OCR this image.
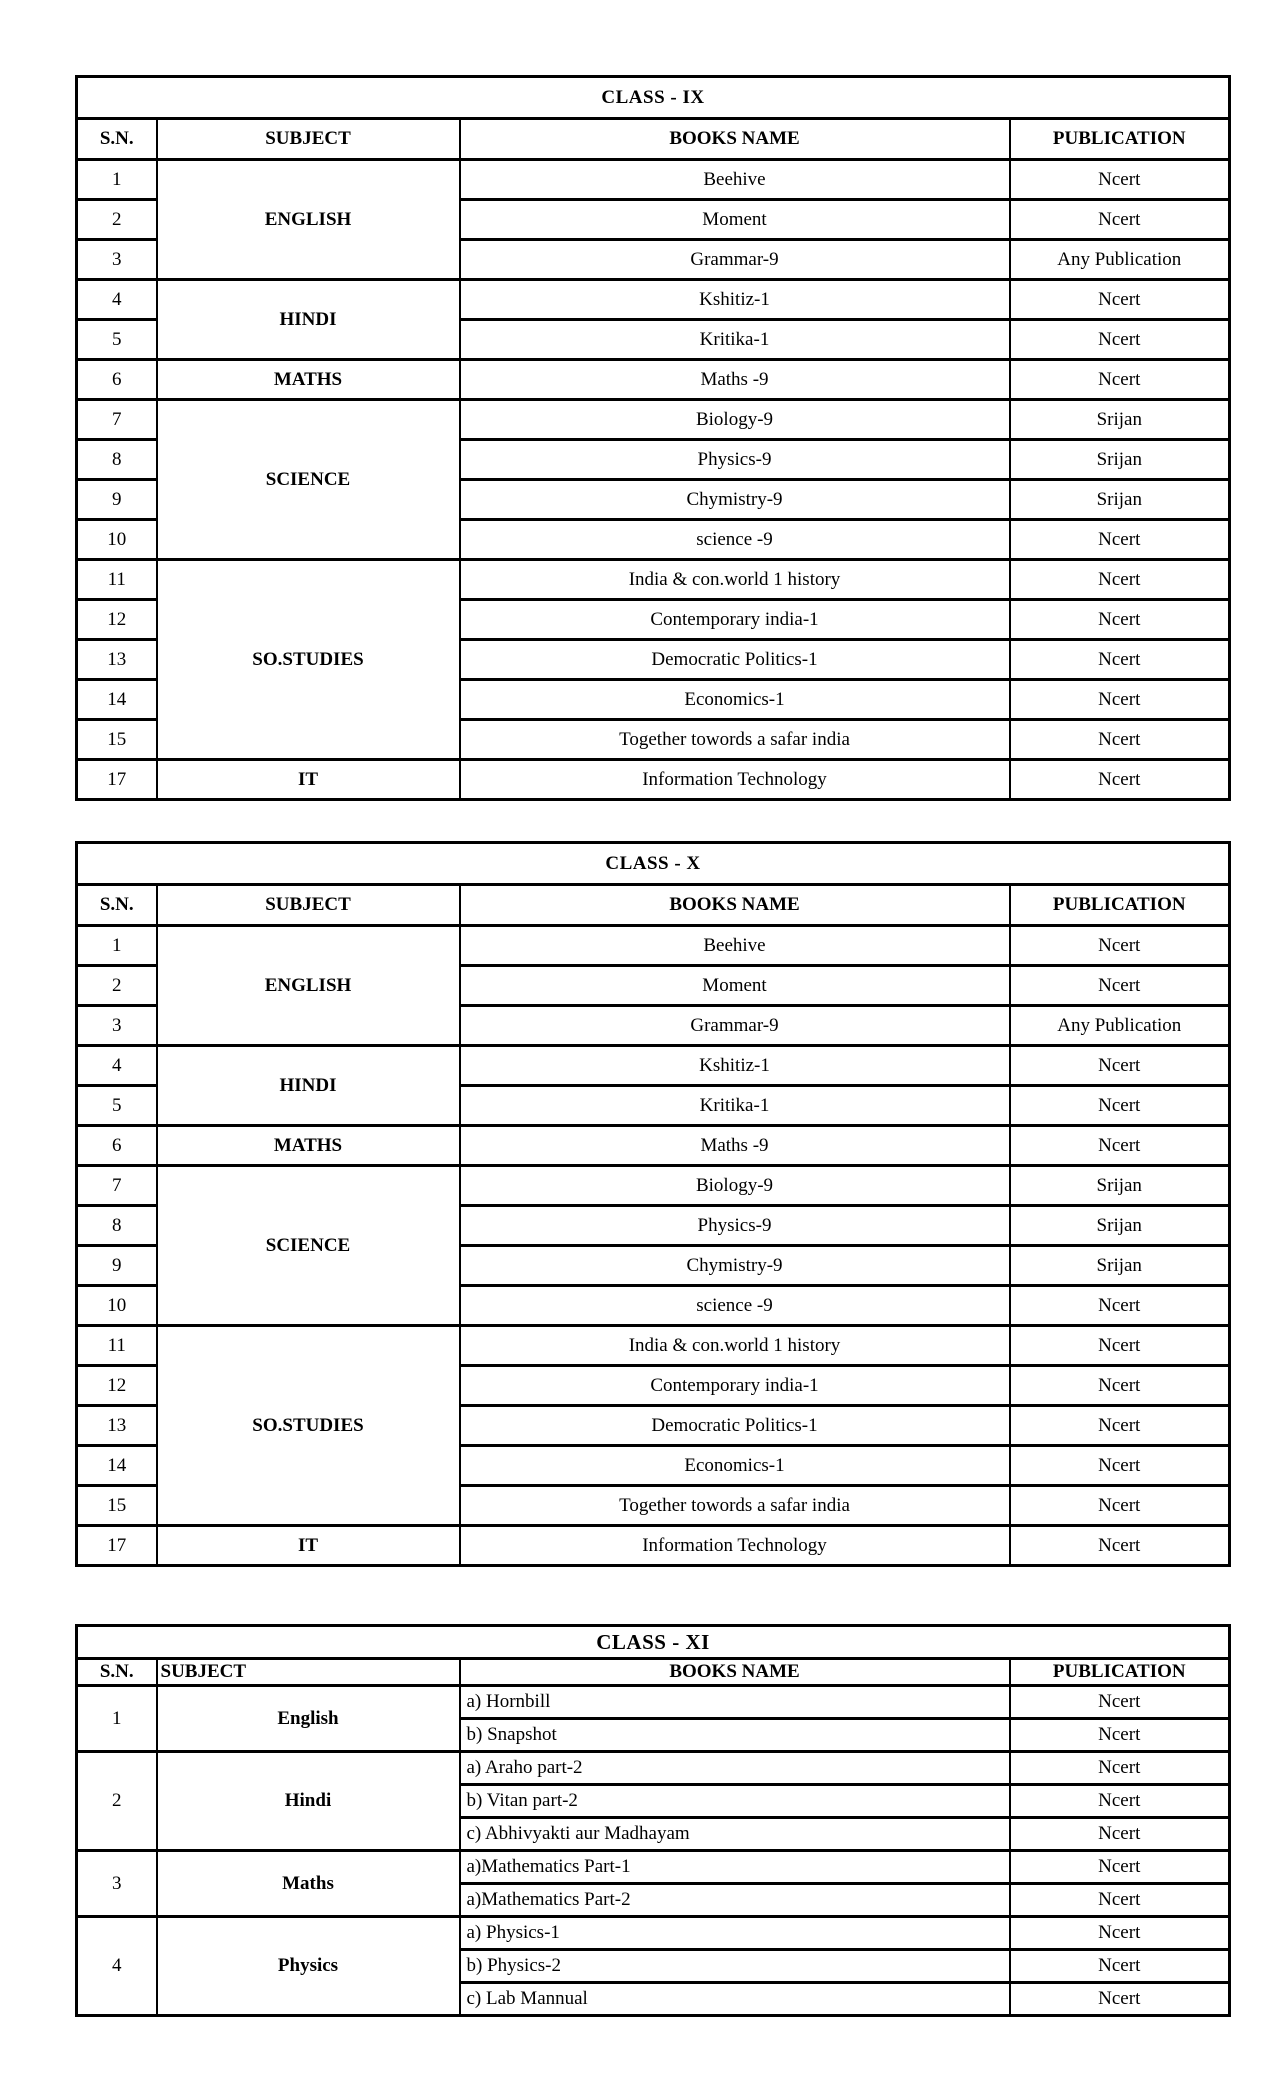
CLASS - IX			
S.N.	SUBJECT	BOOKS NAME	PUBLICATION
1	ENGLISH	Beehive	Ncert
2		Moment	Ncert
3		Grammar-9	Any Publication
4	HINDI	Kshitiz-1	Ncert
5		Kritika-1	Ncert
6	MATHS	Maths -9	Ncert
7	SCIENCE	Biology-9	Srijan
8		Physics-9	Srijan
9		Chymistry-9	Srijan
10		science -9	Ncert
11	SO.STUDIES	India & con.world 1 history	Ncert
12		Contemporary india-1	Ncert
13		Democratic Politics-1	Ncert
14		Economics-1	Ncert
15		Together towords a safar india	Ncert
17	IT	Information Technology	Ncert
CLASS - X			
S.N.	SUBJECT	BOOKS NAME	PUBLICATION
1	ENGLISH	Beehive	Ncert
2		Moment	Ncert
3		Grammar-9	Any Publication
4	HINDI	Kshitiz-1	Ncert
5		Kritika-1	Ncert
6	MATHS	Maths -9	Ncert
7	SCIENCE	Biology-9	Srijan
8		Physics-9	Srijan
9		Chymistry-9	Srijan
10		science -9	Ncert
11	SO.STUDIES	India & con.world 1 history	Ncert
12		Contemporary india-1	Ncert
13		Democratic Politics-1	Ncert
14		Economics-1	Ncert
15		Together towords a safar india	Ncert
17	IT	Information Technology	Ncert
CLASS - XI			
S.N.	SUBJECT	BOOKS NAME	PUBLICATION
1	English	a) Hornbill	Ncert
		b) Snapshot	Ncert
2	Hindi	a) Araho part-2	Ncert
		b) Vitan part-2	Ncert
		c) Abhivyakti aur Madhayam	Ncert
3	Maths	a)Mathematics Part-1	Ncert
		a)Mathematics Part-2	Ncert
4	Physics	a) Physics-1	Ncert
		b) Physics-2	Ncert
		c) Lab Mannual	Ncert
